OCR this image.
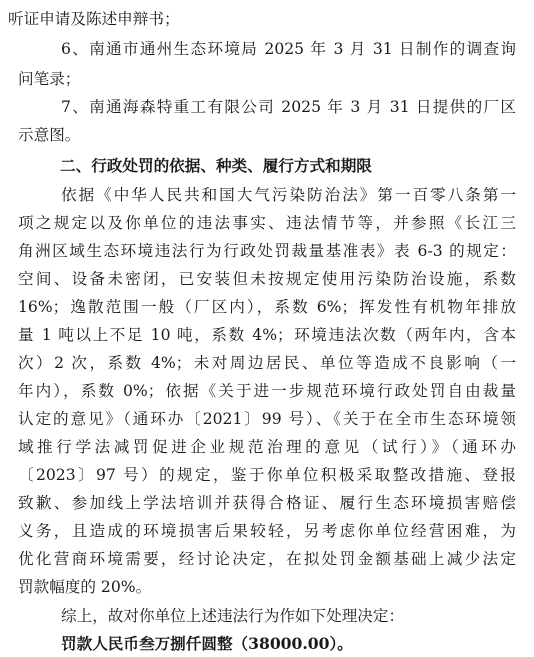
听证申请及陈述申辩书；
6、南通市通州生态环境局 2025 年 3 月 31 日制作的调查询
问笔录；
7、南通海森特重工有限公司 2025 年 3 月 31 日提供的厂区
示意图。
二、行政处罚的依据、种类、履行方式和期限
依据《中华人民共和国大气污染防治法》第一百零八条第一
项之规定以及你单位的违法事实、违法情节等，并参照《长江三
角洲区域生态环境违法行为行政处罚裁量基准表》表 6-3 的规定：
空间、设备未密闭，已安装但未按规定使用污染防治设施，系数
16%；逸散范围一般（厂区内），系数 6%；挥发性有机物年排放
量 1 吨以上不足 10 吨，系数 4%；环境违法次数（两年内，含本
次）2 次，系数 4%；未对周边居民、单位等造成不良影响（一
年内），系数 0%；依据《关于进一步规范环境行政处罚自由裁量
认定的意见》（通环办〔2021〕99 号）、《关于在全市生态环境领
域推行学法减罚促进企业规范治理的意见（试行）》（通环办
〔2023〕97 号）的规定，鉴于你单位积极采取整改措施、登报
致歉、参加线上学法培训并获得合格证、履行生态环境损害赔偿
义务，且造成的环境损害后果较轻，另考虑你单位经营困难，为
优化营商环境需要，经讨论决定，在拟处罚金额基础上减少法定
罚款幅度的 20%。
综上，故对你单位上述违法行为作如下处理决定：
罚款人民币叁万捌仟圆整（38000.00）。
